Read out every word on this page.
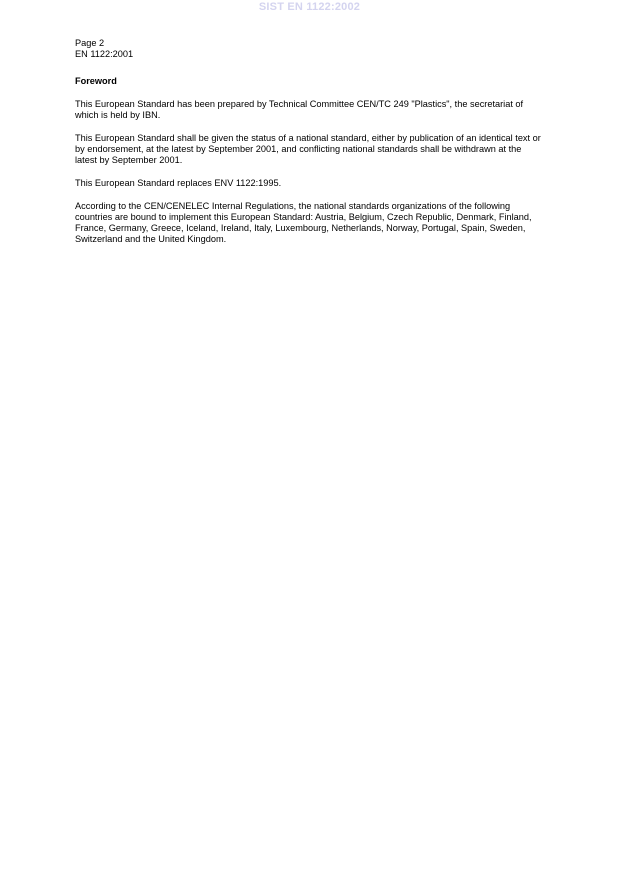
SIST EN 1122:2002
Page 2
EN 1122:2001
Foreword

This European Standard has been prepared by Technical Committee CEN/TC 249 "Plastics", the secretariat of which is held by IBN.

This European Standard shall be given the status of a national standard, either by publication of an identical text or by endorsement, at the latest by September 2001, and conflicting national standards shall be withdrawn at the latest by September 2001.

This European Standard replaces ENV 1122:1995.

According to the CEN/CENELEC Internal Regulations, the national standards organizations of the following countries are bound to implement this European Standard: Austria, Belgium, Czech Republic, Denmark, Finland, France, Germany, Greece, Iceland, Ireland, Italy, Luxembourg, Netherlands, Norway, Portugal, Spain, Sweden, Switzerland and the United Kingdom.
